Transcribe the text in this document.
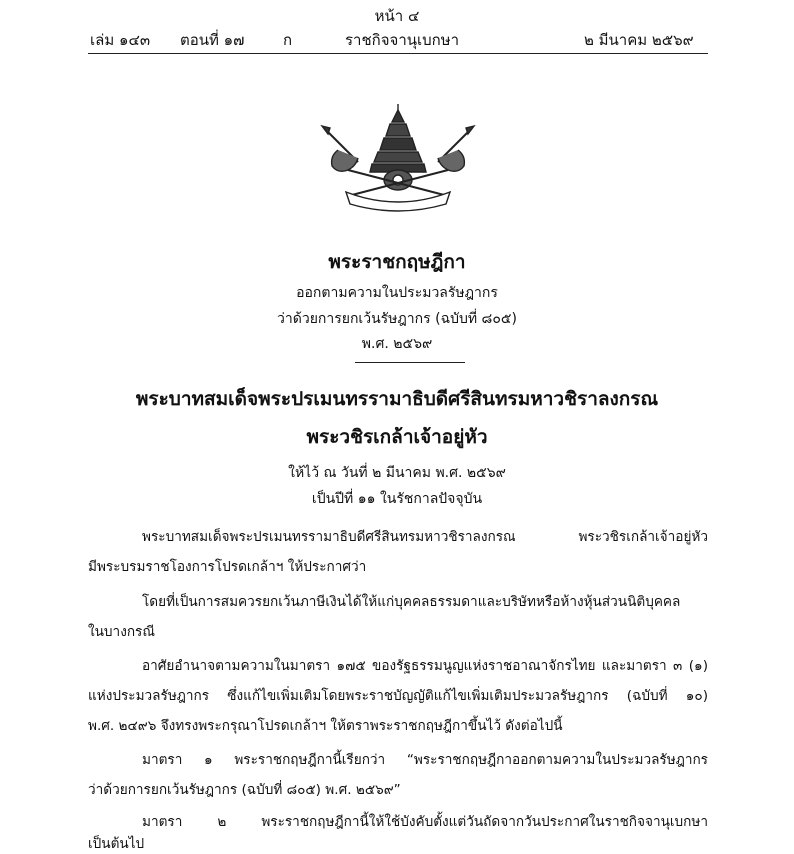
หน้า ๔
เล่ม ๑๔๓ ตอนที่ ๑๗	ก	ราชกิจจานุเบกษา	๒ มีนาคม ๒๕๖๙
พระราชกฤษฎีกา
ออกตามความในประมวลรัษฎากร
ว่าด้วยการยกเว้นรัษฎากร (ฉบับที่ ๘๐๕)
พ.ศ. ๒๕๖๙
พระบาทสมเด็จพระปรเมนทรรามาธิบดีศรีสินทรมหาวชิราลงกรณ
พระวชิรเกล้าเจ้าอยู่หัว
ให้ไว้ ณ วันที่ ๒ มีนาคม พ.ศ. ๒๕๖๙
เป็นปีที่ ๑๑ ในรัชกาลปัจจุบัน
พระบาทสมเด็จพระปรเมนทรรามาธิบดีศรีสินทรมหาวชิราลงกรณ พระวชิรเกล้าเจ้าอยู่หัว
มีพระบรมราชโองการโปรดเกล้าฯ ให้ประกาศว่า
โดยที่เป็นการสมควรยกเว้นภาษีเงินได้ให้แก่บุคคลธรรมดาและบริษัทหรือห้างหุ้นส่วนนิติบุคคล
ในบางกรณี
อาศัยอำนาจตามความในมาตรา ๑๗๕ ของรัฐธรรมนูญแห่งราชอาณาจักรไทย และมาตรา ๓ (๑)
แห่งประมวลรัษฎากร ซึ่งแก้ไขเพิ่มเติมโดยพระราชบัญญัติแก้ไขเพิ่มเติมประมวลรัษฎากร (ฉบับที่ ๑๐)
พ.ศ. ๒๔๙๖ จึงทรงพระกรุณาโปรดเกล้าฯ ให้ตราพระราชกฤษฎีกาขึ้นไว้ ดังต่อไปนี้
มาตรา ๑ พระราชกฤษฎีกานี้เรียกว่า “พระราชกฤษฎีกาออกตามความในประมวลรัษฎากร
ว่าด้วยการยกเว้นรัษฎากร (ฉบับที่ ๘๐๕) พ.ศ. ๒๕๖๙”
มาตรา ๒ พระราชกฤษฎีกานี้ให้ใช้บังคับตั้งแต่วันถัดจากวันประกาศในราชกิจจานุเบกษา
เป็นต้นไป
